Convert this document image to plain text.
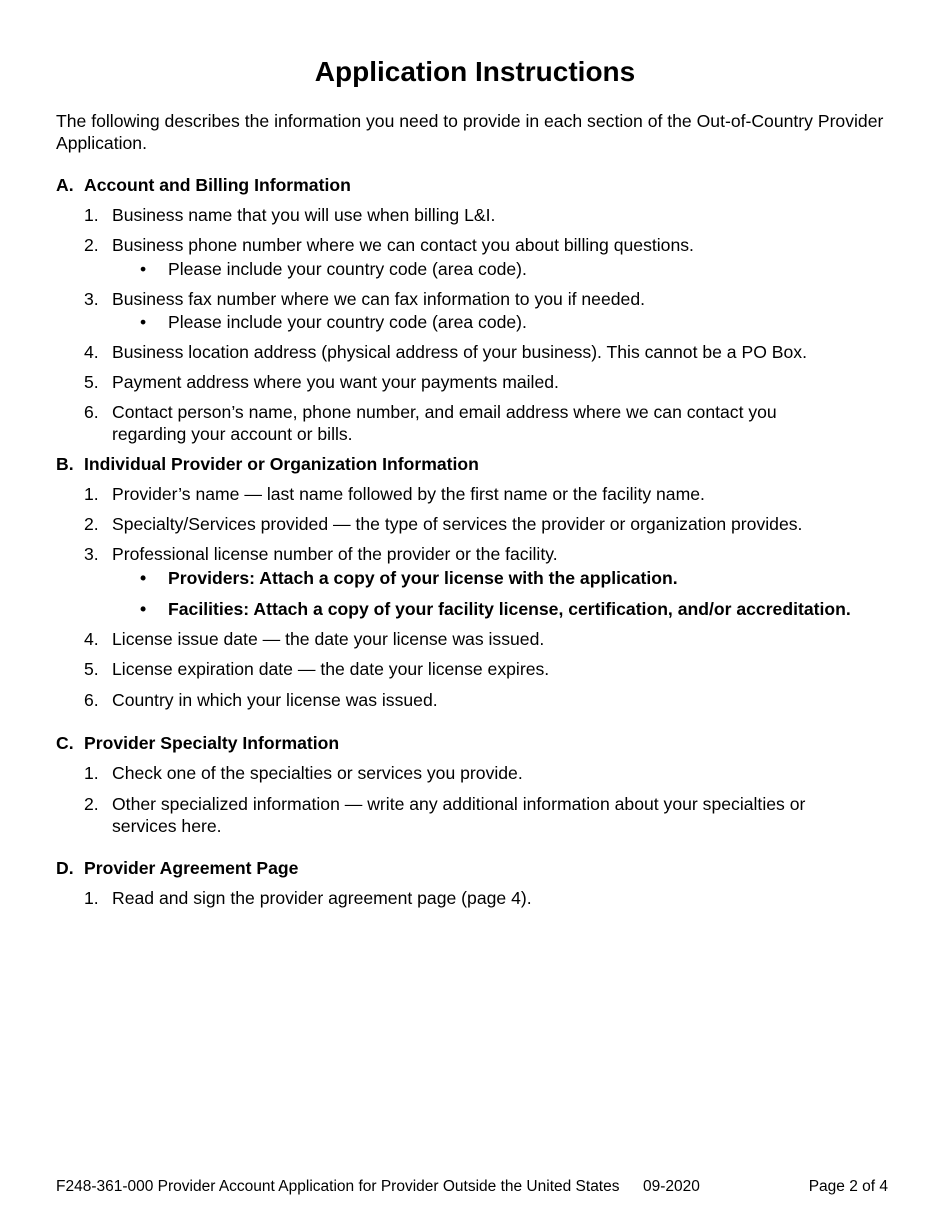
Application Instructions

The following describes the information you need to provide in each section of the Out-of-Country Provider Application.

A. Account and Billing Information
1. Business name that you will use when billing L&I.
2. Business phone number where we can contact you about billing questions.
• Please include your country code (area code).
3. Business fax number where we can fax information to you if needed.
• Please include your country code (area code).
4. Business location address (physical address of your business). This cannot be a PO Box.
5. Payment address where you want your payments mailed.
6. Contact person’s name, phone number, and email address where we can contact you regarding your account or bills.
B. Individual Provider or Organization Information
1. Provider’s name — last name followed by the first name or the facility name.
2. Specialty/Services provided — the type of services the provider or organization provides.
3. Professional license number of the provider or the facility.
• Providers: Attach a copy of your license with the application.
• Facilities: Attach a copy of your facility license, certification, and/or accreditation.
4. License issue date — the date your license was issued.
5. License expiration date — the date your license expires.
6. Country in which your license was issued.
C. Provider Specialty Information
1. Check one of the specialties or services you provide.
2. Other specialized information — write any additional information about your specialties or services here.
D. Provider Agreement Page
1. Read and sign the provider agreement page (page 4).
F248-361-000 Provider Account Application for Provider Outside the United States 09-2020	Page 2 of 4
